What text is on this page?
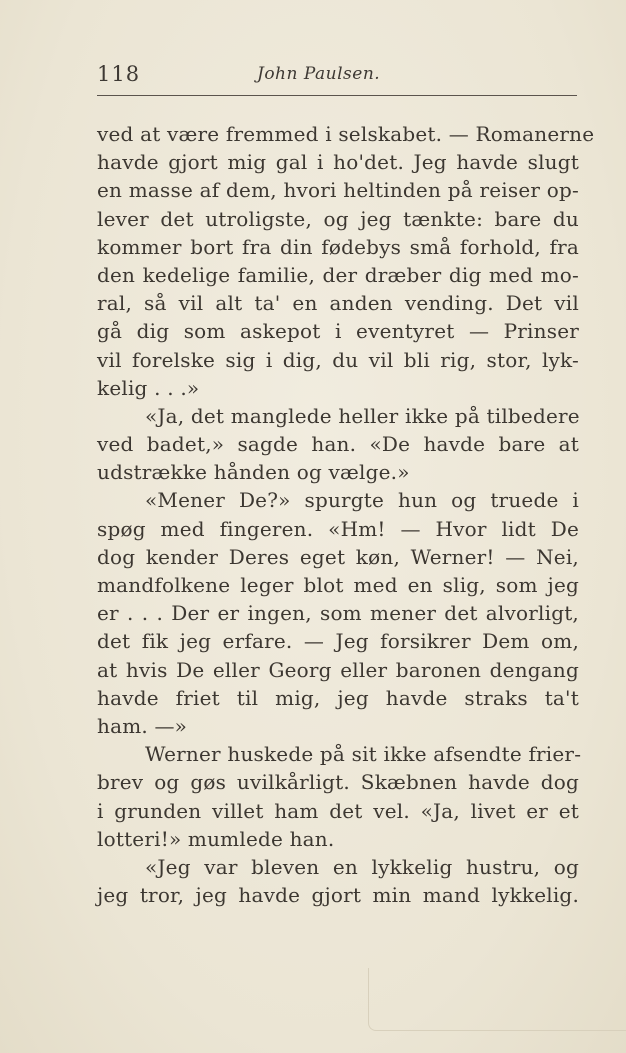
118	John Paulsen.
ved at være fremmed i selskabet. — Romanerne
havde gjort mig gal i ho'det. Jeg havde slugt
en masse af dem, hvori heltinden på reiser op-
lever det utroligste, og jeg tænkte: bare du
kommer bort fra din fødebys små forhold, fra
den kedelige familie, der dræber dig med mo-
ral, så vil alt ta' en anden vending. Det vil
gå dig som askepot i eventyret — Prinser
vil forelske sig i dig, du vil bli rig, stor, lyk-
kelig . . .»
«Ja, det manglede heller ikke på tilbedere
ved badet,» sagde han. «De havde bare at
udstrække hånden og vælge.»
«Mener De?» spurgte hun og truede i
spøg med fingeren. «Hm! — Hvor lidt De
dog kender Deres eget køn, Werner! — Nei,
mandfolkene leger blot med en slig, som jeg
er . . . Der er ingen, som mener det alvorligt,
det fik jeg erfare. — Jeg forsikrer Dem om,
at hvis De eller Georg eller baronen dengang
havde friet til mig, jeg havde straks ta't
ham. —»
Werner huskede på sit ikke afsendte frier-
brev og gøs uvilkårligt. Skæbnen havde dog
i grunden villet ham det vel. «Ja, livet er et
lotteri!» mumlede han.
«Jeg var bleven en lykkelig hustru, og
jeg tror, jeg havde gjort min mand lykkelig.
